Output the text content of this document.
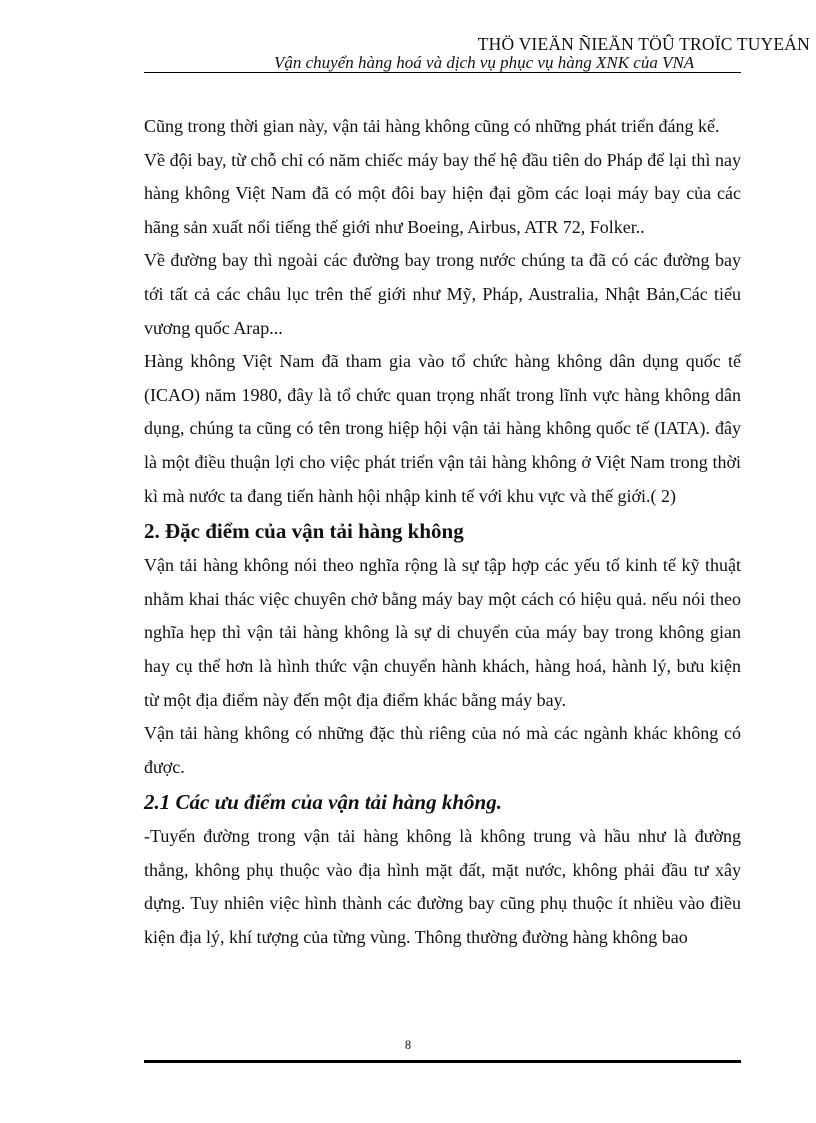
THÖ VIEÄN ÑIEÄN TÖÛ TROÏC TUYEÁN
Vận chuyển hàng hoá và dịch vụ phục vụ hàng XNK của VNA

Cũng trong thời gian này, vận tải hàng không cũng có những phát triển đáng kể.

Về đội bay, từ chỗ chỉ có năm chiếc máy bay thế hệ đầu tiên do Pháp để lại thì nay hàng không Việt Nam đã có một đôi bay hiện đại gồm các loại máy bay của các hãng sản xuất nổi tiếng thế giới như Boeing, Airbus, ATR 72, Folker..

Về đường bay thì ngoài các đường bay trong nước chúng ta đã có các đường bay tới tất cả các châu lục trên thế giới như Mỹ, Pháp, Australia, Nhật Bản,Các tiểu vương quốc Arap...

Hàng không Việt Nam đã tham gia vào tổ chức hàng không dân dụng quốc tế (ICAO) năm 1980, đây là tổ chức quan trọng nhất trong lĩnh vực hàng không dân dụng, chúng ta cũng có tên trong hiệp hội vận tải hàng không quốc tế (IATA). đây là một điều thuận lợi cho việc phát triển vận tải hàng không ở Việt Nam trong thời kì mà nước ta đang tiến hành hội nhập kinh tế với khu vực và thế giới.( 2)

2. Đặc điểm của vận tải hàng không

Vận tải hàng không nói theo nghĩa rộng là sự tập hợp các yếu tố kinh tế kỹ thuật nhằm khai thác việc chuyên chở bằng máy bay một cách có hiệu quả. nếu nói theo nghĩa hẹp thì vận tải hàng không là sự di chuyển của máy bay trong không gian hay cụ thể hơn là hình thức vận chuyển hành khách, hàng hoá, hành lý, bưu kiện từ một địa điểm này đến một địa điểm khác bằng máy bay.

Vận tải hàng không có những đặc thù riêng của nó mà các ngành khác không có được.

2.1 Các ưu điểm của vận tải hàng không.

-Tuyến đường trong vận tải hàng không là không trung và hầu như là đường thẳng, không phụ thuộc vào địa hình mặt đất, mặt nước, không phải đầu tư xây dựng. Tuy nhiên việc hình thành các đường bay cũng phụ thuộc ít nhiều vào điều kiện địa lý, khí tượng của từng vùng. Thông thường đường hàng không bao

8
